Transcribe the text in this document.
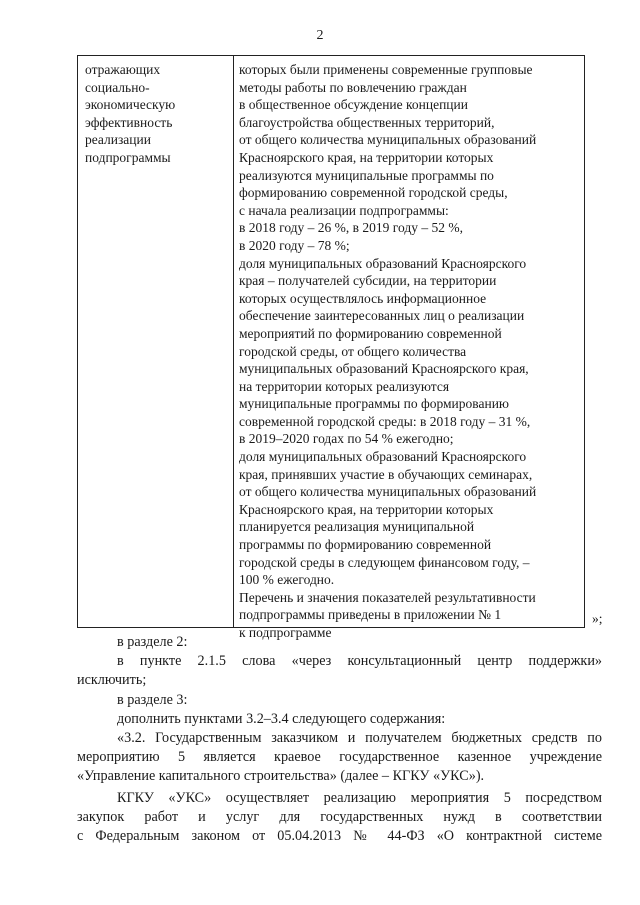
2
отражающих
социально-
экономическую
эффективность
реализации
подпрограммы
которых были применены современные групповые
методы работы по вовлечению граждан
в общественное обсуждение концепции
благоустройства общественных территорий,
от общего количества муниципальных образований
Красноярского края, на территории которых
реализуются муниципальные программы по
формированию современной городской среды,
с начала реализации подпрограммы:
в 2018 году – 26 %, в 2019 году – 52 %,
в 2020 году – 78 %;
доля муниципальных образований Красноярского
края – получателей субсидии, на территории
которых осуществлялось информационное
обеспечение заинтересованных лиц о реализации
мероприятий по формированию современной
городской среды, от общего количества
муниципальных образований Красноярского края,
на территории которых реализуются
муниципальные программы по формированию
современной городской среды: в 2018 году – 31 %,
в 2019–2020 годах по 54 % ежегодно;
доля муниципальных образований Красноярского
края, принявших участие в обучающих семинарах,
от общего количества муниципальных образований
Красноярского края, на территории которых
планируется реализация муниципальной
программы по формированию современной
городской среды в следующем финансовом году, –
100 % ежегодно.
Перечень и значения показателей результативности
подпрограммы приведены в приложении № 1
к подпрограмме
»;
в разделе 2:
в пункте 2.1.5 слова «через консультационный центр поддержки»
исключить;
в разделе 3:
дополнить пунктами 3.2–3.4 следующего содержания:
«3.2. Государственным заказчиком и получателем бюджетных средств по
мероприятию 5 является краевое государственное казенное учреждение
«Управление капитального строительства» (далее – КГКУ «УКС»).
КГКУ «УКС» осуществляет реализацию мероприятия 5 посредством
закупок работ и услуг для государственных нужд в соответствии
с Федеральным законом от 05.04.2013 № 44-ФЗ «О контрактной системе
